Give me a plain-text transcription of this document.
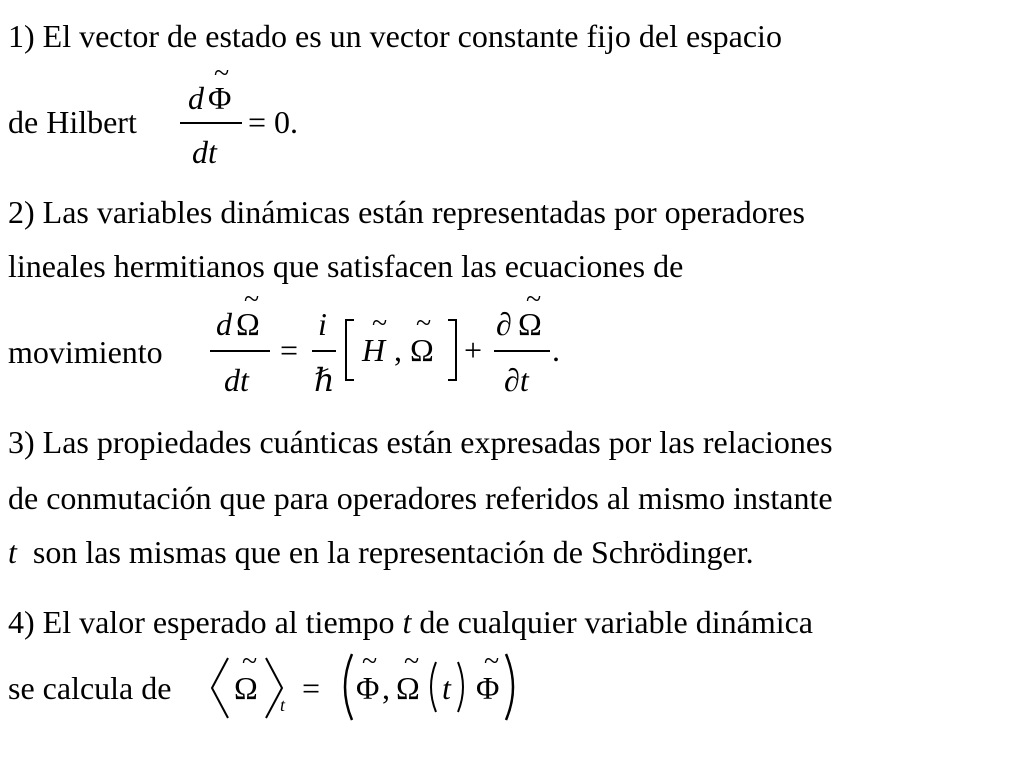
1) El vector de estado es un vector constante fijo del espacio
de Hilbert
~
d Φ
dt
= 0.
2) Las variables dinámicas están representadas por operadores
lineales hermitianos que satisfacen las ecuaciones de
movimiento
~
d Ω
dt
=
i
ℏ
~
H ,
~
Ω +
~
∂ Ω
∂t
.
3) Las propiedades cuánticas están expresadas por las relaciones
de conmutación que para operadores referidos al mismo instante
t son las mismas que en la representación de Schrödinger.
4) El valor esperado al tiempo t de cualquier variable dinámica
se calcula de
~
Ω t =
~
Φ ,
~
Ω t
~
Φ
